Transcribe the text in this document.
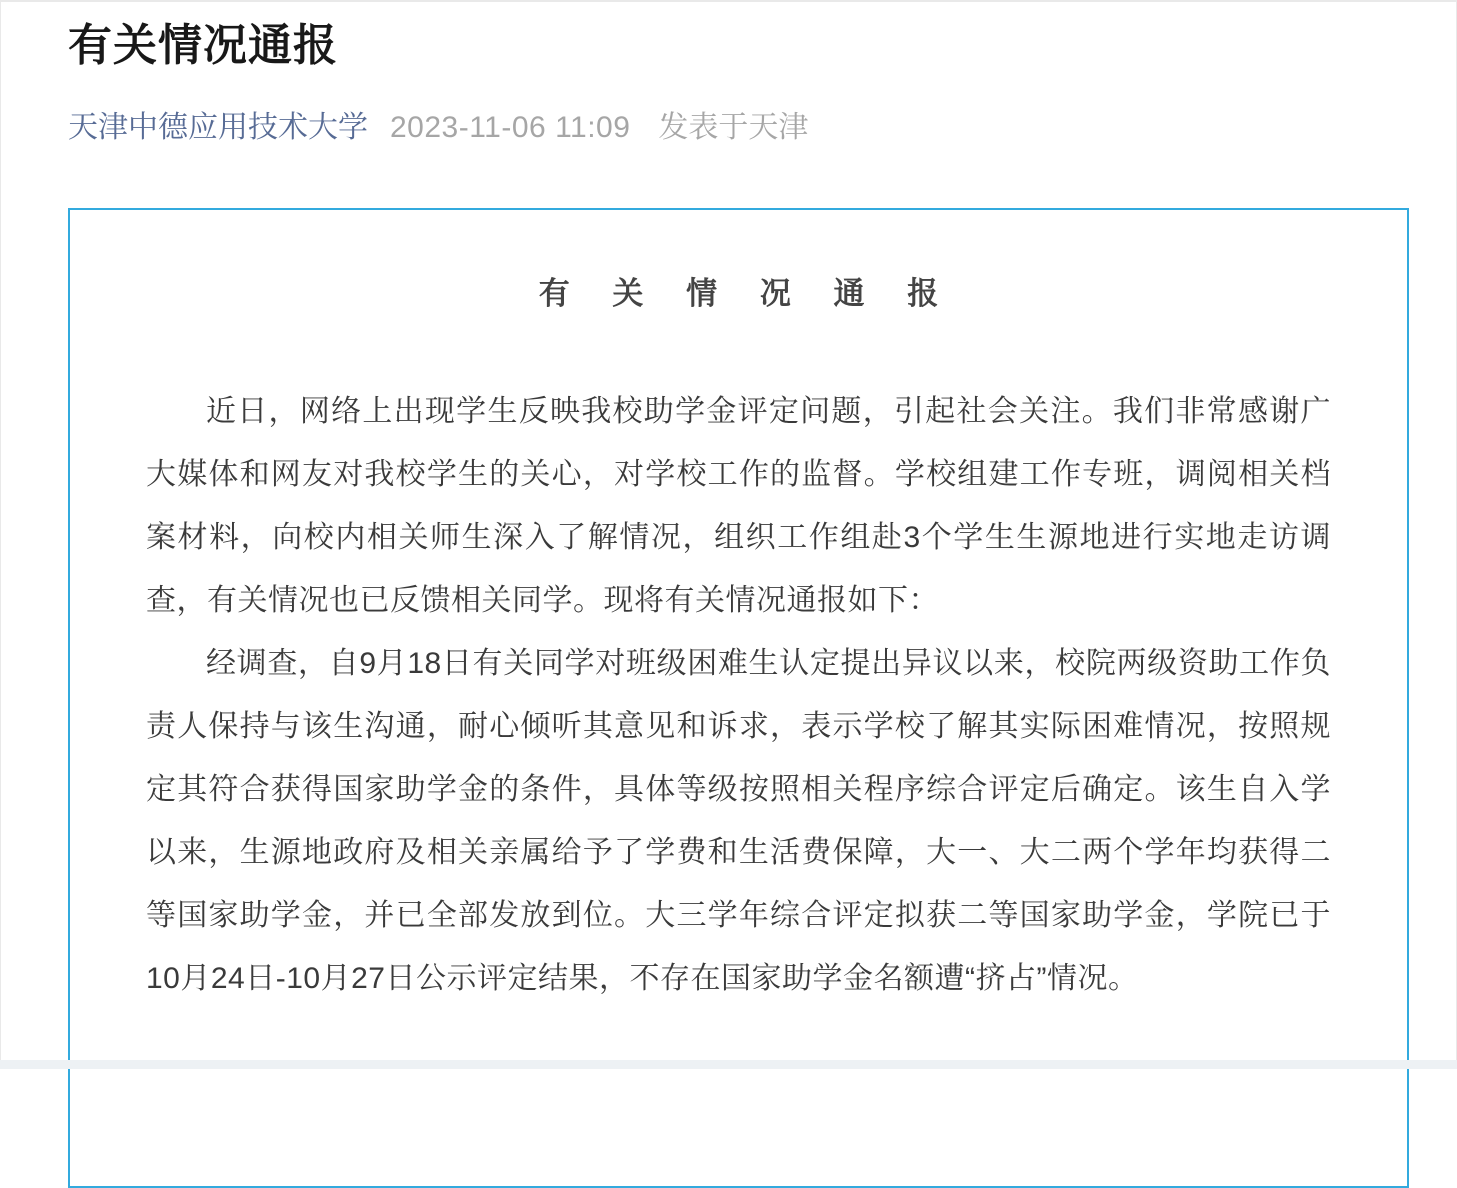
有关情况通报
天津中德应用技术大学 2023-11-06 11:09 发表于天津
有 关 情 况 通 报

近日，网络上出现学生反映我校助学金评定问题，引起社会关注。我们非常感谢广大媒体和网友对我校学生的关心，对学校工作的监督。学校组建工作专班，调阅相关档案材料，向校内相关师生深入了解情况，组织工作组赴3个学生生源地进行实地走访调查，有关情况也已反馈相关同学。现将有关情况通报如下：

经调查，自9月18日有关同学对班级困难生认定提出异议以来，校院两级资助工作负责人保持与该生沟通，耐心倾听其意见和诉求，表示学校了解其实际困难情况，按照规定其符合获得国家助学金的条件，具体等级按照相关程序综合评定后确定。该生自入学以来，生源地政府及相关亲属给予了学费和生活费保障，大一、大二两个学年均获得二等国家助学金，并已全部发放到位。大三学年综合评定拟获二等国家助学金，学院已于10月24日-10月27日公示评定结果，不存在国家助学金名额遭“挤占”情况。
